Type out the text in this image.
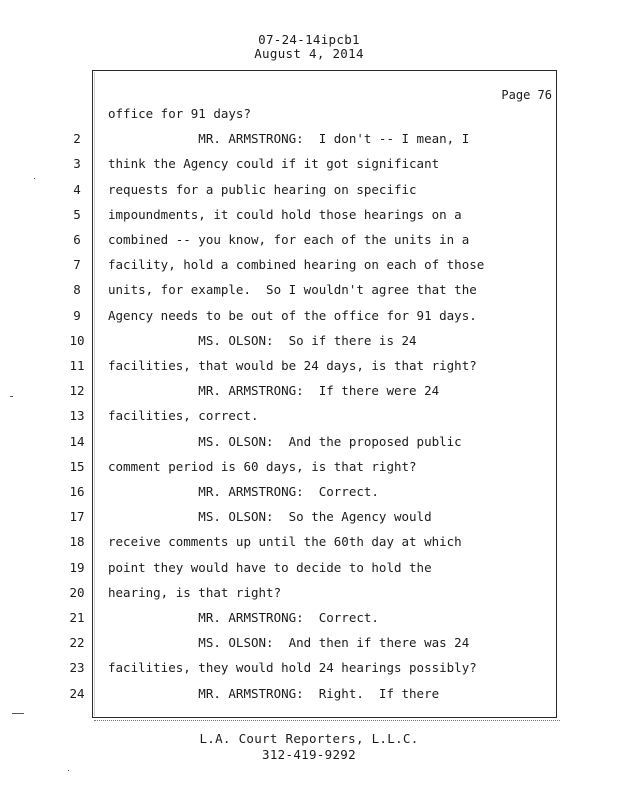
07-24-14ipcb1
August 4, 2014
Page 76
office for 91 days?
2	MR. ARMSTRONG:  I don't -- I mean, I
3	think the Agency could if it got significant
4	requests for a public hearing on specific
5	impoundments, it could hold those hearings on a
6	combined -- you know, for each of the units in a
7	facility, hold a combined hearing on each of those
8	units, for example.  So I wouldn't agree that the
9	Agency needs to be out of the office for 91 days.
10	MS. OLSON:  So if there is 24
11	facilities, that would be 24 days, is that right?
12	MR. ARMSTRONG:  If there were 24
13	facilities, correct.
14	MS. OLSON:  And the proposed public
15	comment period is 60 days, is that right?
16	MR. ARMSTRONG:  Correct.
17	MS. OLSON:  So the Agency would
18	receive comments up until the 60th day at which
19	point they would have to decide to hold the
20	hearing, is that right?
21	MR. ARMSTRONG:  Correct.
22	MS. OLSON:  And then if there was 24
23	facilities, they would hold 24 hearings possibly?
24	MR. ARMSTRONG:  Right.  If there
L.A. Court Reporters, L.L.C.
312-419-9292
